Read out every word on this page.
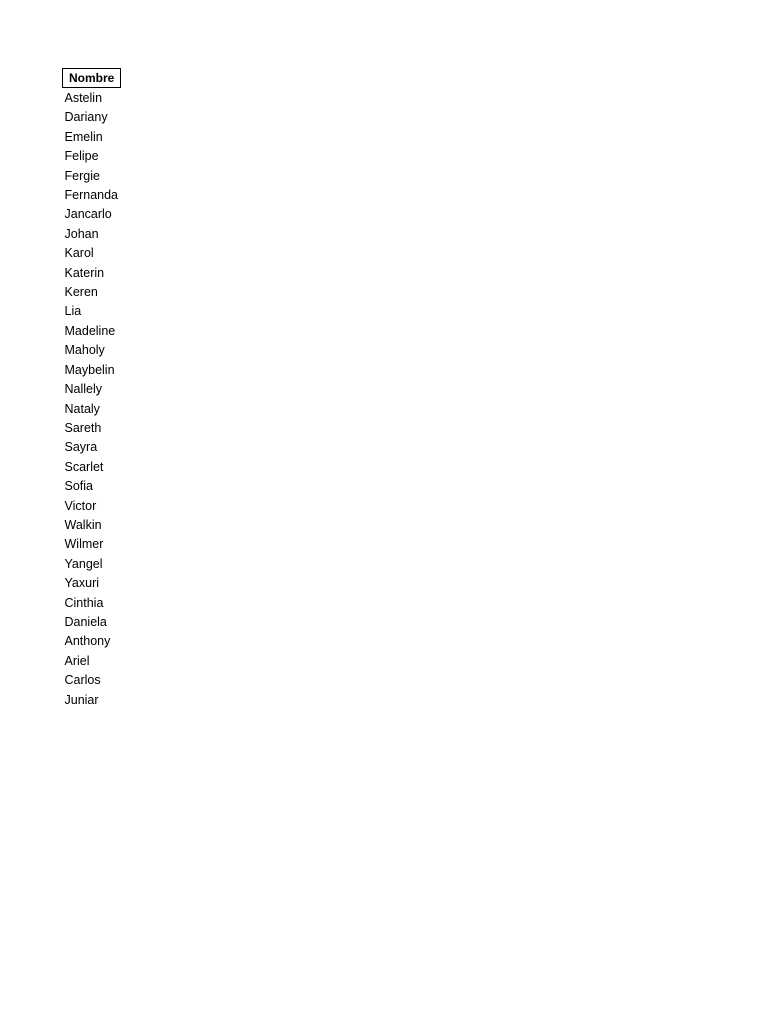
Nombre
Astelin
Dariany
Emelin
Felipe
Fergie
Fernanda
Jancarlo
Johan
Karol
Katerin
Keren
Lia
Madeline
Maholy
Maybelin
Nallely
Nataly
Sareth
Sayra
Scarlet
Sofia
Victor
Walkin
Wilmer
Yangel
Yaxuri
Cinthia
Daniela
Anthony
Ariel
Carlos
Juniar
